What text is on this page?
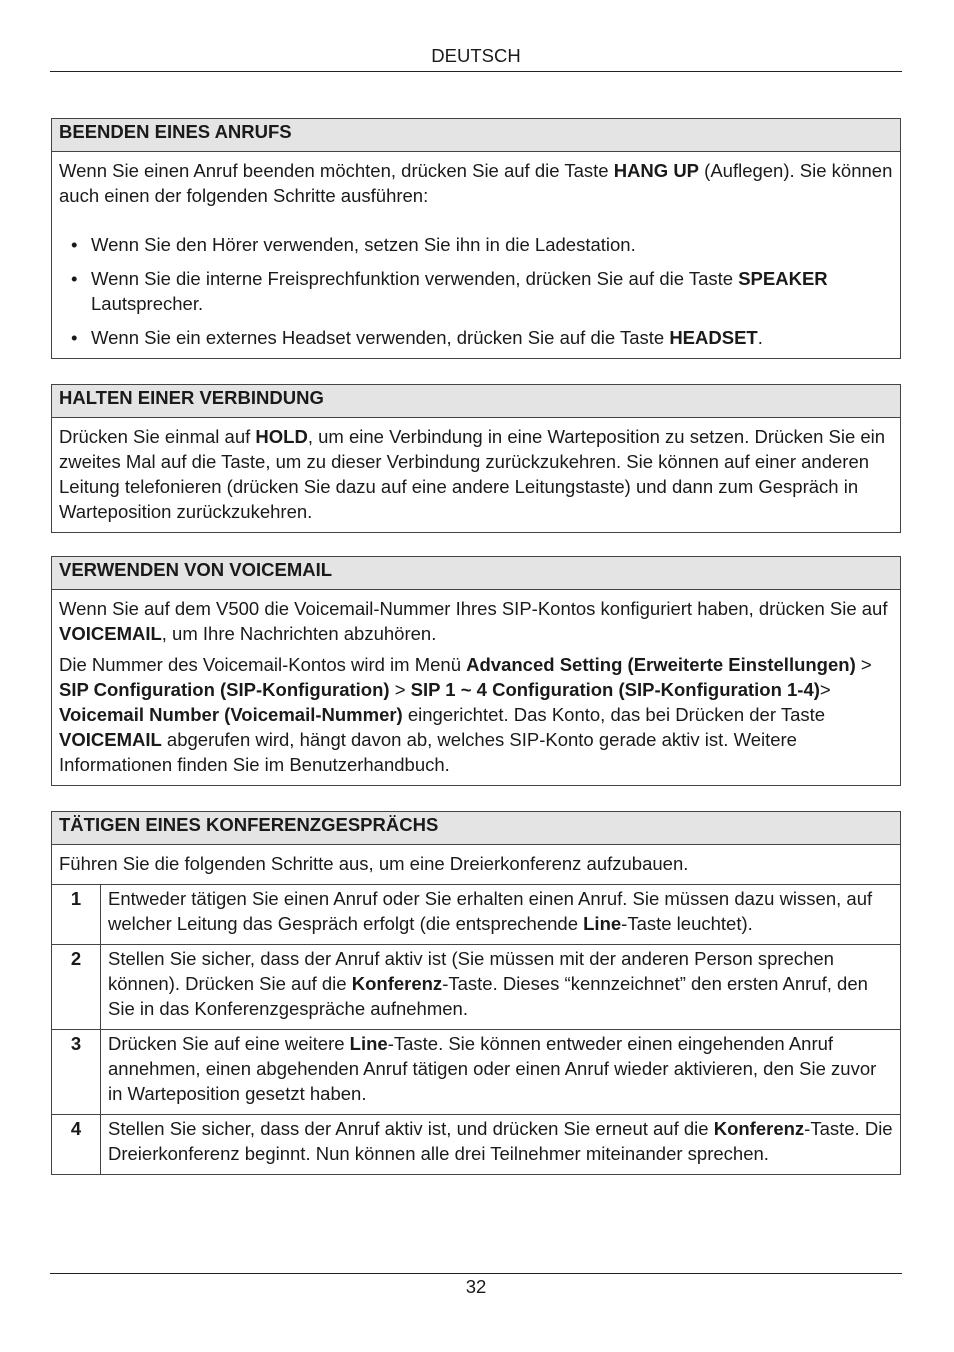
DEUTSCH
BEENDEN EINES ANRUFS

Wenn Sie einen Anruf beenden möchten, drücken Sie auf die Taste HANG UP (Auflegen). Sie können auch einen der folgenden Schritte ausführen:

• Wenn Sie den Hörer verwenden, setzen Sie ihn in die Ladestation.
• Wenn Sie die interne Freisprechfunktion verwenden, drücken Sie auf die Taste SPEAKER Lautsprecher.
• Wenn Sie ein externes Headset verwenden, drücken Sie auf die Taste HEADSET.
HALTEN EINER VERBINDUNG

Drücken Sie einmal auf HOLD, um eine Verbindung in eine Warteposition zu setzen. Drücken Sie ein zweites Mal auf die Taste, um zu dieser Verbindung zurückzukehren. Sie können auf einer anderen Leitung telefonieren (drücken Sie dazu auf eine andere Leitungstaste) und dann zum Gespräch in Warteposition zurückzukehren.

VERWENDEN VON VOICEMAIL

Wenn Sie auf dem V500 die Voicemail-Nummer Ihres SIP-Kontos konfiguriert haben, drücken Sie auf VOICEMAIL, um Ihre Nachrichten abzuhören.

Die Nummer des Voicemail-Kontos wird im Menü Advanced Setting (Erweiterte Einstellungen) > SIP Configuration (SIP-Konfiguration) > SIP 1 ~ 4 Configuration (SIP-Konfiguration 1-4)> Voicemail Number (Voicemail-Nummer) eingerichtet. Das Konto, das bei Drücken der Taste VOICEMAIL abgerufen wird, hängt davon ab, welches SIP-Konto gerade aktiv ist. Weitere Informationen finden Sie im Benutzerhandbuch.

TÄTIGEN EINES KONFERENZGESPRÄCHS
Führen Sie die folgenden Schritte aus, um eine Dreierkonferenz aufzubauen.
1	Entweder tätigen Sie einen Anruf oder Sie erhalten einen Anruf. Sie müssen dazu wissen, auf welcher Leitung das Gespräch erfolgt (die entsprechende Line-Taste leuchtet).
2	Stellen Sie sicher, dass der Anruf aktiv ist (Sie müssen mit der anderen Person sprechen können). Drücken Sie auf die Konferenz-Taste. Dieses “kennzeichnet” den ersten Anruf, den Sie in das Konferenzgespräche aufnehmen.
3	Drücken Sie auf eine weitere Line-Taste. Sie können entweder einen eingehenden Anruf annehmen, einen abgehenden Anruf tätigen oder einen Anruf wieder aktivieren, den Sie zuvor in Warteposition gesetzt haben.
4	Stellen Sie sicher, dass der Anruf aktiv ist, und drücken Sie erneut auf die Konferenz-Taste. Die Dreierkonferenz beginnt. Nun können alle drei Teilnehmer miteinander sprechen.
32
